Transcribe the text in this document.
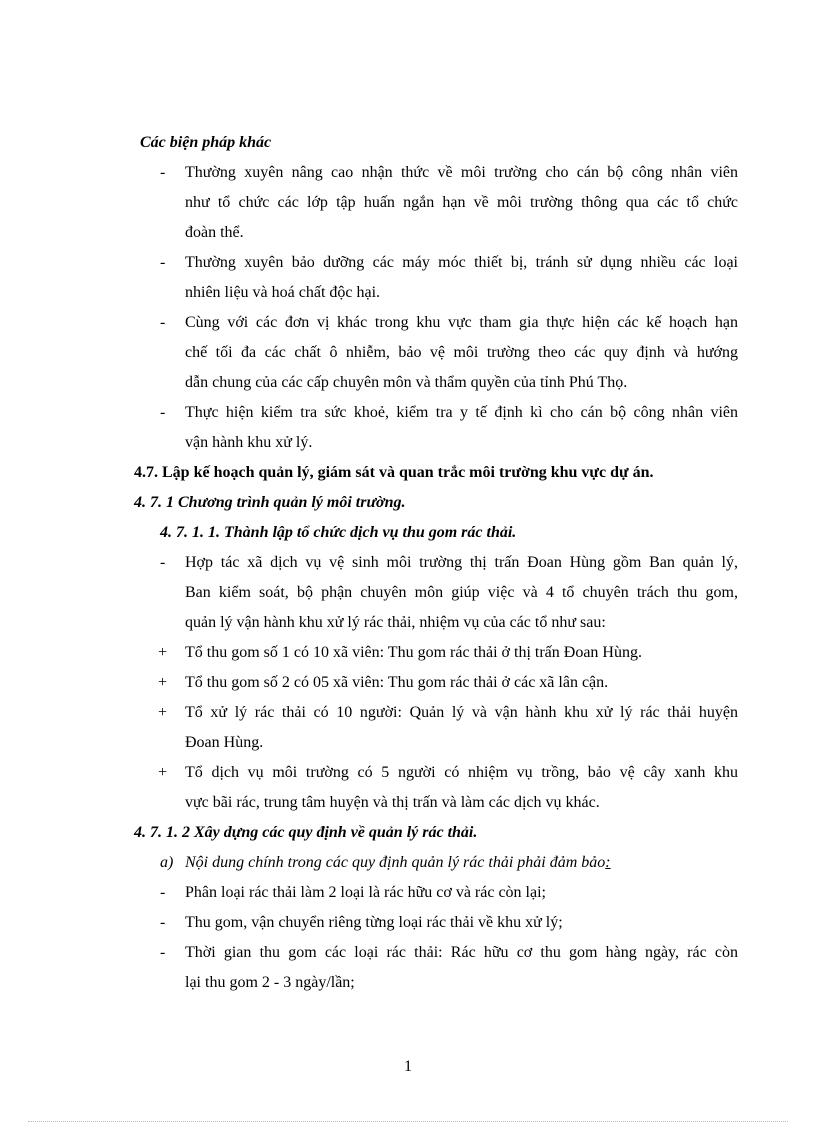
Các biện pháp khác
- Thường xuyên nâng cao nhận thức về môi trường cho cán bộ công nhân viên
như tổ chức các lớp tập huấn ngắn hạn về môi trường thông qua các tổ chức
đoàn thể.
- Thường xuyên bảo dưỡng các máy móc thiết bị, tránh sử dụng nhiều các loại
nhiên liệu và hoá chất độc hại.
- Cùng với các đơn vị khác trong khu vực tham gia thực hiện các kế hoạch hạn
chế tối đa các chất ô nhiễm, bảo vệ môi trường theo các quy định và hướng
dẫn chung của các cấp chuyên môn và thẩm quyền của tỉnh Phú Thọ.
- Thực hiện kiểm tra sức khoẻ, kiểm tra y tế định kì cho cán bộ công nhân viên
vận hành khu xử lý.
4.7. Lập kế hoạch quản lý, giám sát và quan trắc môi trường khu vực dự án.
4. 7. 1 Chương trình quản lý môi trường.
4. 7. 1. 1. Thành lập tổ chức dịch vụ thu gom rác thải.
- Hợp tác xã dịch vụ vệ sinh môi trường thị trấn Đoan Hùng gồm Ban quản lý,
Ban kiểm soát, bộ phận chuyên môn giúp việc và 4 tổ chuyên trách thu gom,
quản lý vận hành khu xử lý rác thải, nhiệm vụ của các tổ như sau:
+ Tổ thu gom số 1 có 10 xã viên: Thu gom rác thải ở thị trấn Đoan Hùng.
+ Tổ thu gom số 2 có 05 xã viên: Thu gom rác thải ở các xã lân cận.
+ Tổ xử lý rác thải có 10 người: Quản lý và vận hành khu xử lý rác thải huyện
Đoan Hùng.
+ Tổ dịch vụ môi trường có 5 người có nhiệm vụ trồng, bảo vệ cây xanh khu
vực bãi rác, trung tâm huyện và thị trấn và làm các dịch vụ khác.
4. 7. 1. 2 Xây dựng các quy định về quản lý rác thải.
a) Nội dung chính trong các quy định quản lý rác thải phải đảm bảo:
- Phân loại rác thải làm 2 loại là rác hữu cơ và rác còn lại;
- Thu gom, vận chuyển riêng từng loại rác thải về khu xử lý;
- Thời gian thu gom các loại rác thải: Rác hữu cơ thu gom hàng ngày, rác còn
lại thu gom 2 - 3 ngày/lần;
1
